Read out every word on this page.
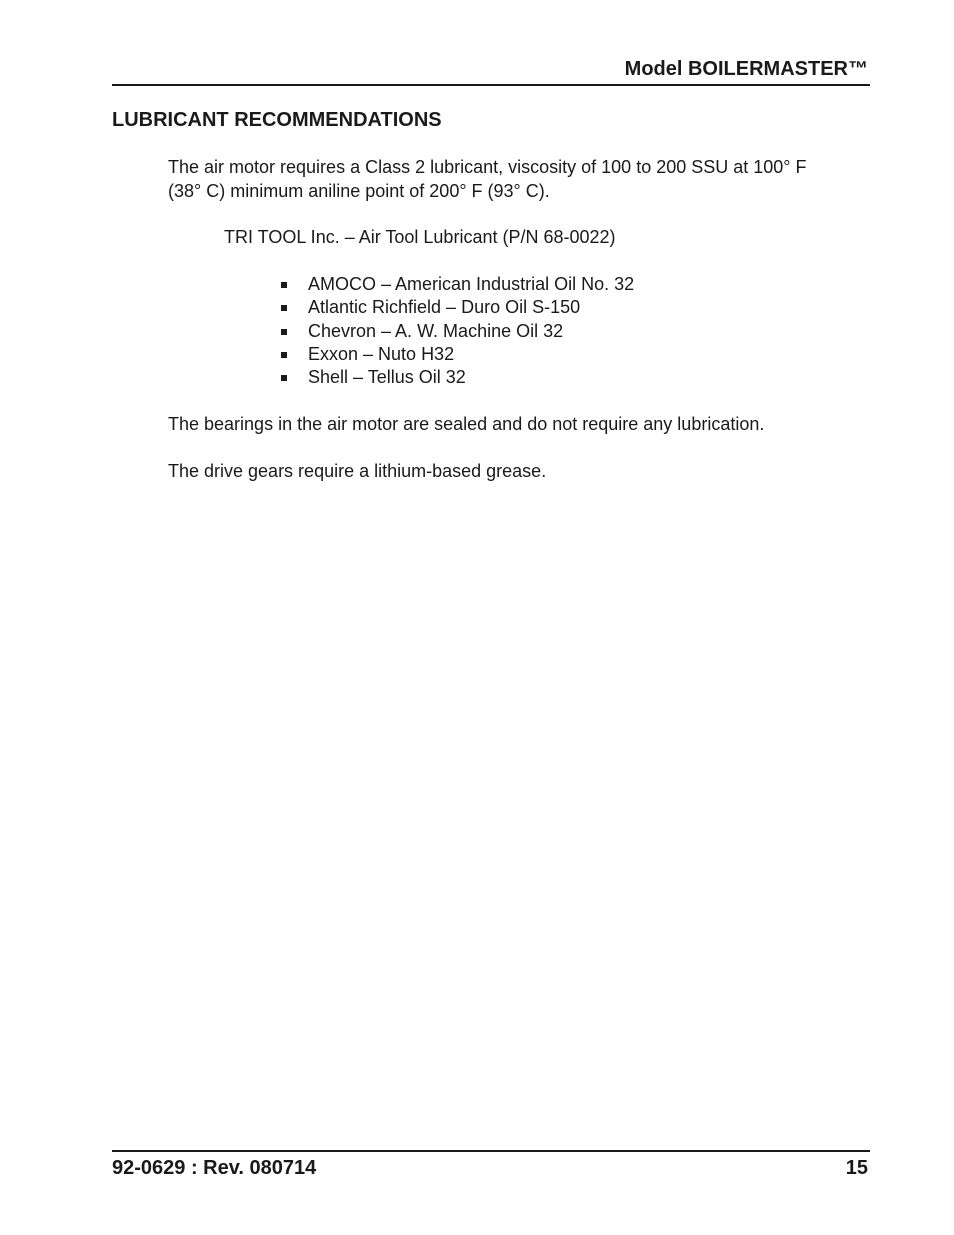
Model BOILERMASTER™
LUBRICANT RECOMMENDATIONS
The air motor requires a Class 2 lubricant, viscosity of 100 to 200 SSU at 100° F
(38° C) minimum aniline point of 200° F (93° C).
TRI TOOL Inc. – Air Tool Lubricant (P/N 68-0022)
AMOCO – American Industrial Oil No. 32
Atlantic Richfield – Duro Oil S-150
Chevron – A. W. Machine Oil 32
Exxon – Nuto H32
Shell – Tellus Oil 32
The bearings in the air motor are sealed and do not require any lubrication.
The drive gears require a lithium-based grease.
92-0629 : Rev. 080714	15
